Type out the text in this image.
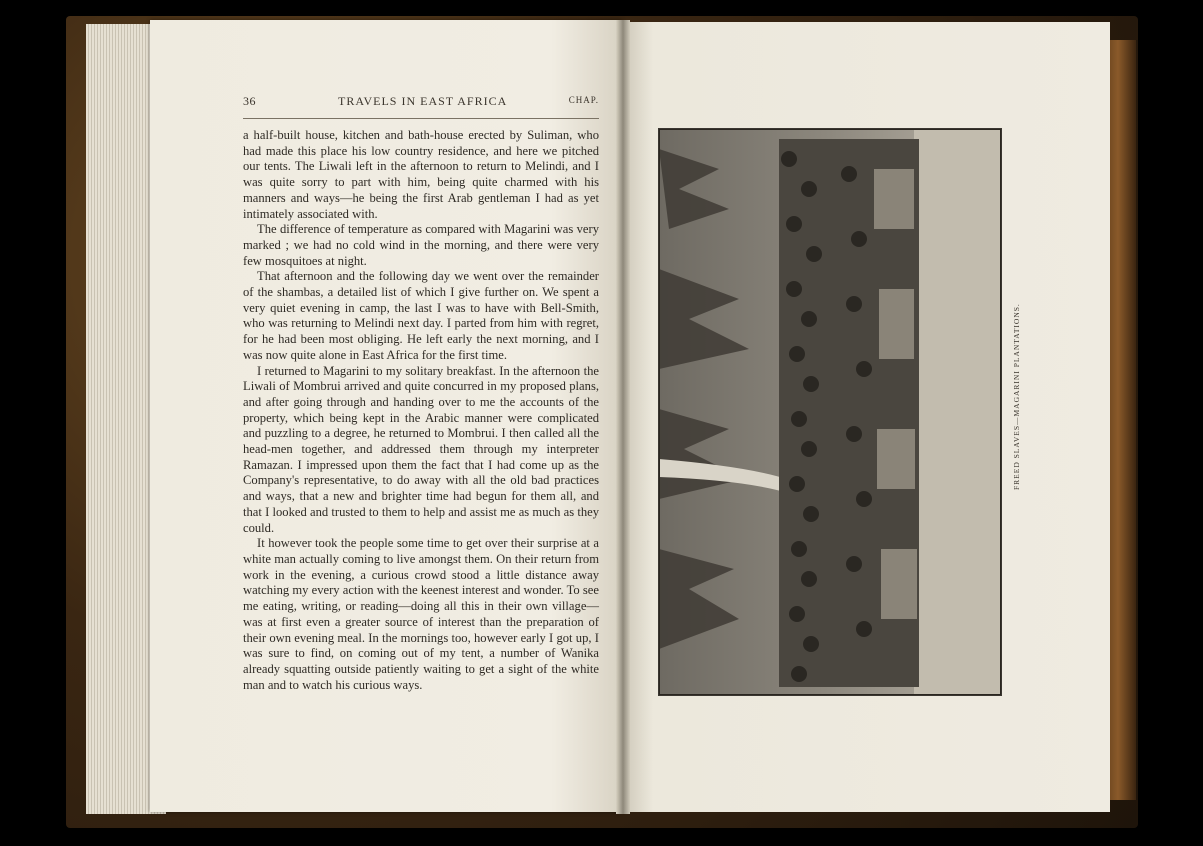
36	TRAVELS IN EAST AFRICA	CHAP.

a half-built house, kitchen and bath-house erected by Suliman, who had made this place his low country residence, and here we pitched our tents. The Liwali left in the afternoon to return to Melindi, and I was quite sorry to part with him, being quite charmed with his manners and ways—he being the first Arab gentleman I had as yet intimately associated with.

The difference of temperature as compared with Magarini was very marked ; we had no cold wind in the morning, and there were very few mosquitoes at night.

That afternoon and the following day we went over the remainder of the shambas, a detailed list of which I give further on. We spent a very quiet evening in camp, the last I was to have with Bell-Smith, who was returning to Melindi next day. I parted from him with regret, for he had been most obliging. He left early the next morning, and I was now quite alone in East Africa for the first time.

I returned to Magarini to my solitary breakfast. In the afternoon the Liwali of Mombrui arrived and quite concurred in my proposed plans, and after going through and handing over to me the accounts of the property, which being kept in the Arabic manner were complicated and puzzling to a degree, he returned to Mombrui. I then called all the head-men together, and addressed them through my interpreter Ramazan. I impressed upon them the fact that I had come up as the Company's representative, to do away with all the old bad practices and ways, that a new and brighter time had begun for them all, and that I looked and trusted to them to help and assist me as much as they could.

It however took the people some time to get over their surprise at a white man actually coming to live amongst them. On their return from work in the evening, a curious crowd stood a little distance away watching my every action with the keenest interest and wonder. To see me eating, writing, or reading—doing all this in their own village—was at first even a greater source of interest than the preparation of their own evening meal. In the mornings too, however early I got up, I was sure to find, on coming out of my tent, a number of Wanika already squatting outside patiently waiting to get a sight of the white man and to watch his curious ways.

FREED SLAVES—MAGARINI PLANTATIONS.
